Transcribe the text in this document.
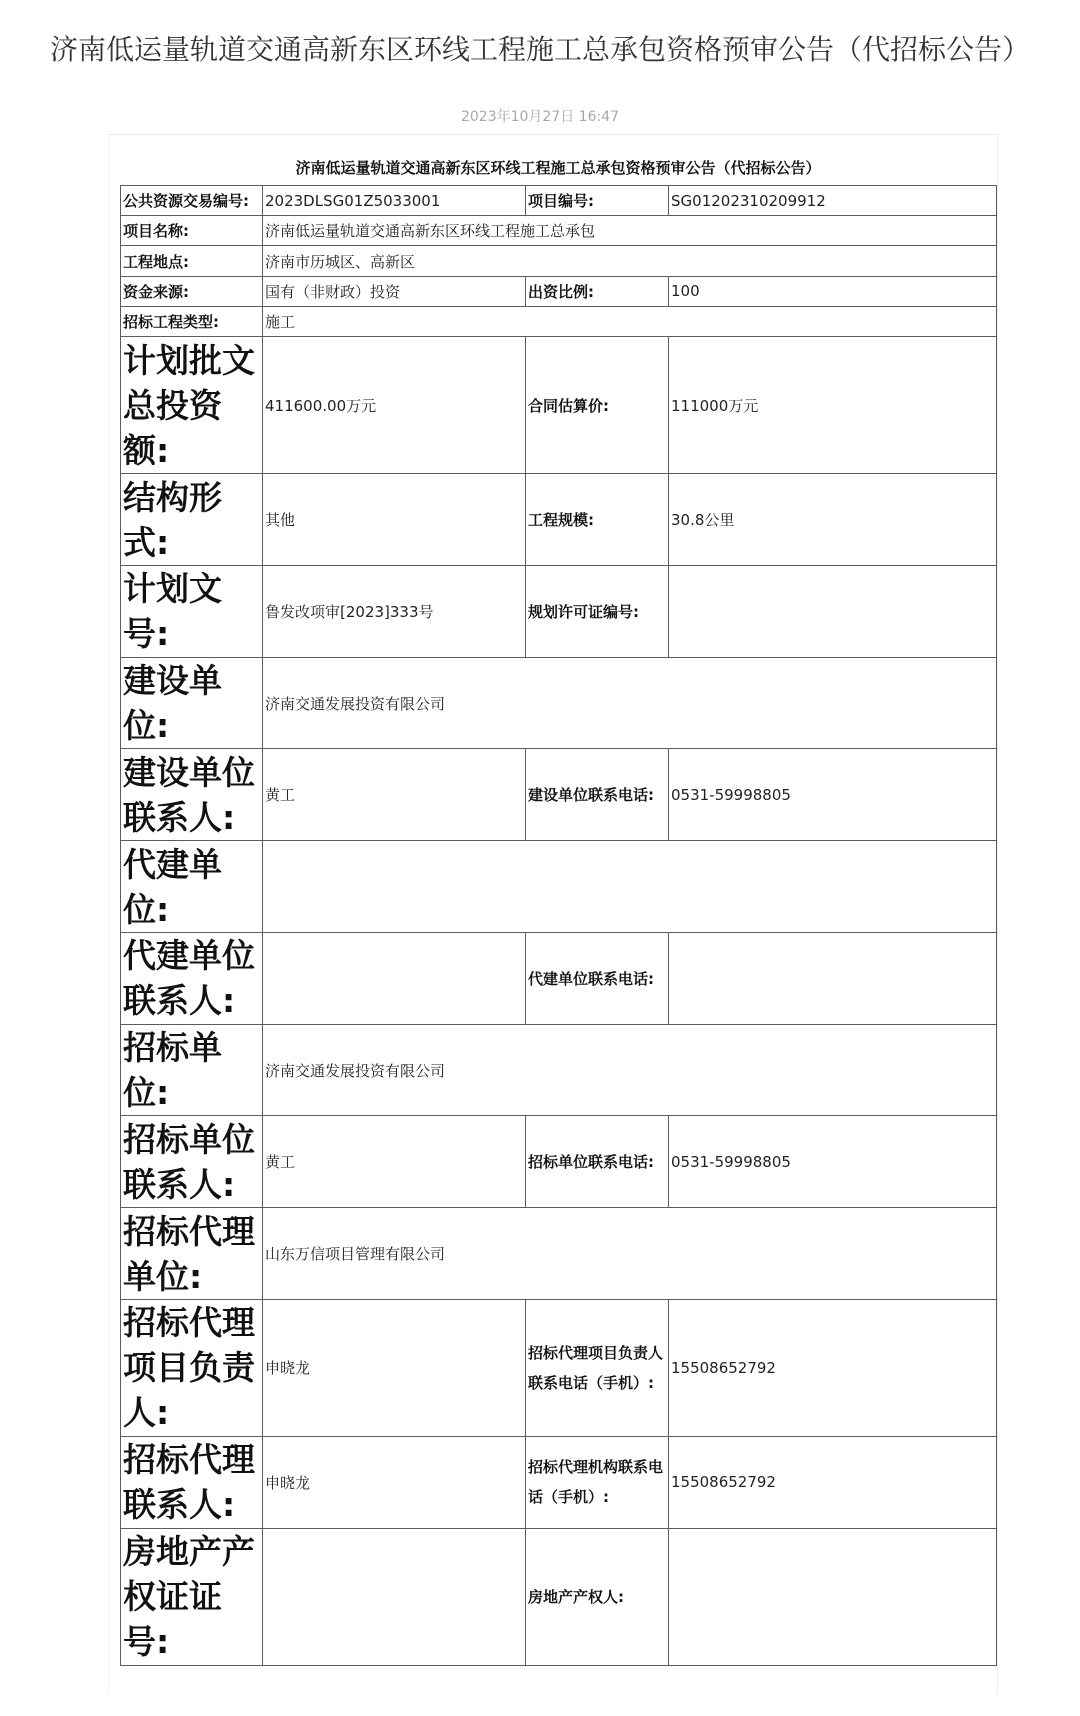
济南低运量轨道交通高新东区环线工程施工总承包资格预审公告（代招标公告）
2023年10月27日 16:47
济南低运量轨道交通高新东区环线工程施工总承包资格预审公告（代招标公告）
公共资源交易编号:	2023DLSG01Z5033001	项目编号:	SG01202310209912
项目名称:	济南低运量轨道交通高新东区环线工程施工总承包		
工程地点:	济南市历城区、高新区		
资金来源:	国有（非财政）投资	出资比例:	100
招标工程类型:	施工		
计划批文总投资额:	411600.00万元	合同估算价:	111000万元
结构形式:	其他	工程规模:	30.8公里
计划文号:	鲁发改项审[2023]333号	规划许可证编号:	
建设单位:	济南交通发展投资有限公司		
建设单位联系人:	黄工	建设单位联系电话:	0531-59998805
代建单位:			
代建单位联系人:		代建单位联系电话:	
招标单位:	济南交通发展投资有限公司		
招标单位联系人:	黄工	招标单位联系电话:	0531-59998805
招标代理单位:	山东万信项目管理有限公司		
招标代理项目负责人:	申晓龙	招标代理项目负责人联系电话（手机）:	15508652792
招标代理联系人:	申晓龙	招标代理机构联系电话（手机）:	15508652792
房地产产权证证号:		房地产产权人:	
